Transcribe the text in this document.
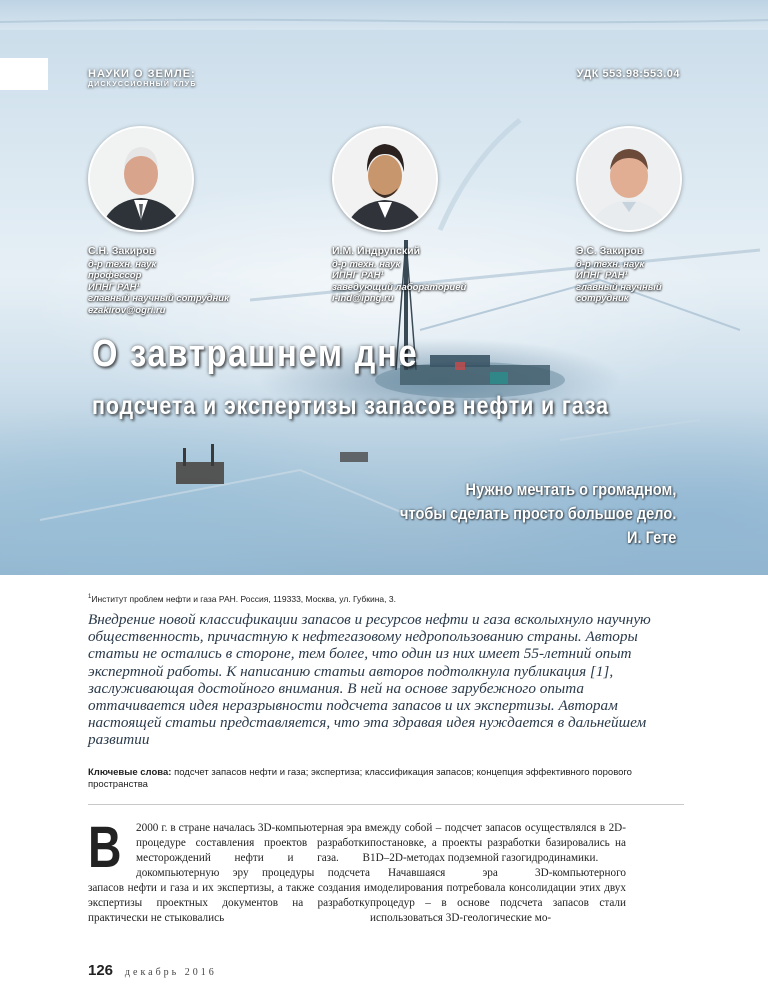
НАУКИ О ЗЕМЛЕ:
ДИСКУССИОННЫЙ КЛУБ
УДК 553.98:553.04
С.Н. Закиров
д-р техн. наук
профессор
ИПНГ РАН¹
главный научный сотрудник
ezakirov@ogri.ru
И.М. Индрупский
д-р техн. наук
ИПНГ РАН¹
заведующий лабораторией
i-ind@ipng.ru
Э.С. Закиров
д-р техн. наук
ИПНГ РАН¹
главный научный
сотрудник
О завтрашнем дне
подсчета и экспертизы запасов нефти и газа
Нужно мечтать о громадном,
чтобы сделать просто большое дело.
И. Гете
$^1$Институт проблем нефти и газа РАН. Россия, 119333, Москва, ул. Губкина, 3.

Внедрение новой классификации запасов и ресурсов нефти и газа всколыхнуло научную общественность, причастную к нефтегазовому недропользованию страны. Авторы статьи не остались в стороне, тем более, что один из них имеет 55-летний опыт экспертной работы. К написанию статьи авторов подтолкнула публикация [1], заслуживающая достойного внимания. В ней на основе зарубежного опыта оттачивается идея неразрывности подсчета запасов и их экспертизы. Авторам настоящей статьи представляется, что эта здравая идея нуждается в дальнейшем развитии

Ключевые слова: подсчет запасов нефти и газа; экспертиза; классификация запасов; концепция эффективного порового пространства
В	2000 г. в стране началась 3D-компьютерная эра в процедуре составления проектов разработки месторождений нефти и газа. В докомпьютерную эру процедуры подсчета запасов нефти и газа и их экспертизы, а также создания и экспертизы проектных документов на разработку практически не стыковались

между собой – подсчет запасов осуществлялся в 2D-постановке, а проекты разработки базировались на 1D–2D-методах подземной газогидродинамики.

Начавшаяся эра 3D-компьютерного моделирования потребовала консолидации этих двух процедур – в основе подсчета запасов стали использоваться 3D-геологические мо-

126 декабрь 2016
